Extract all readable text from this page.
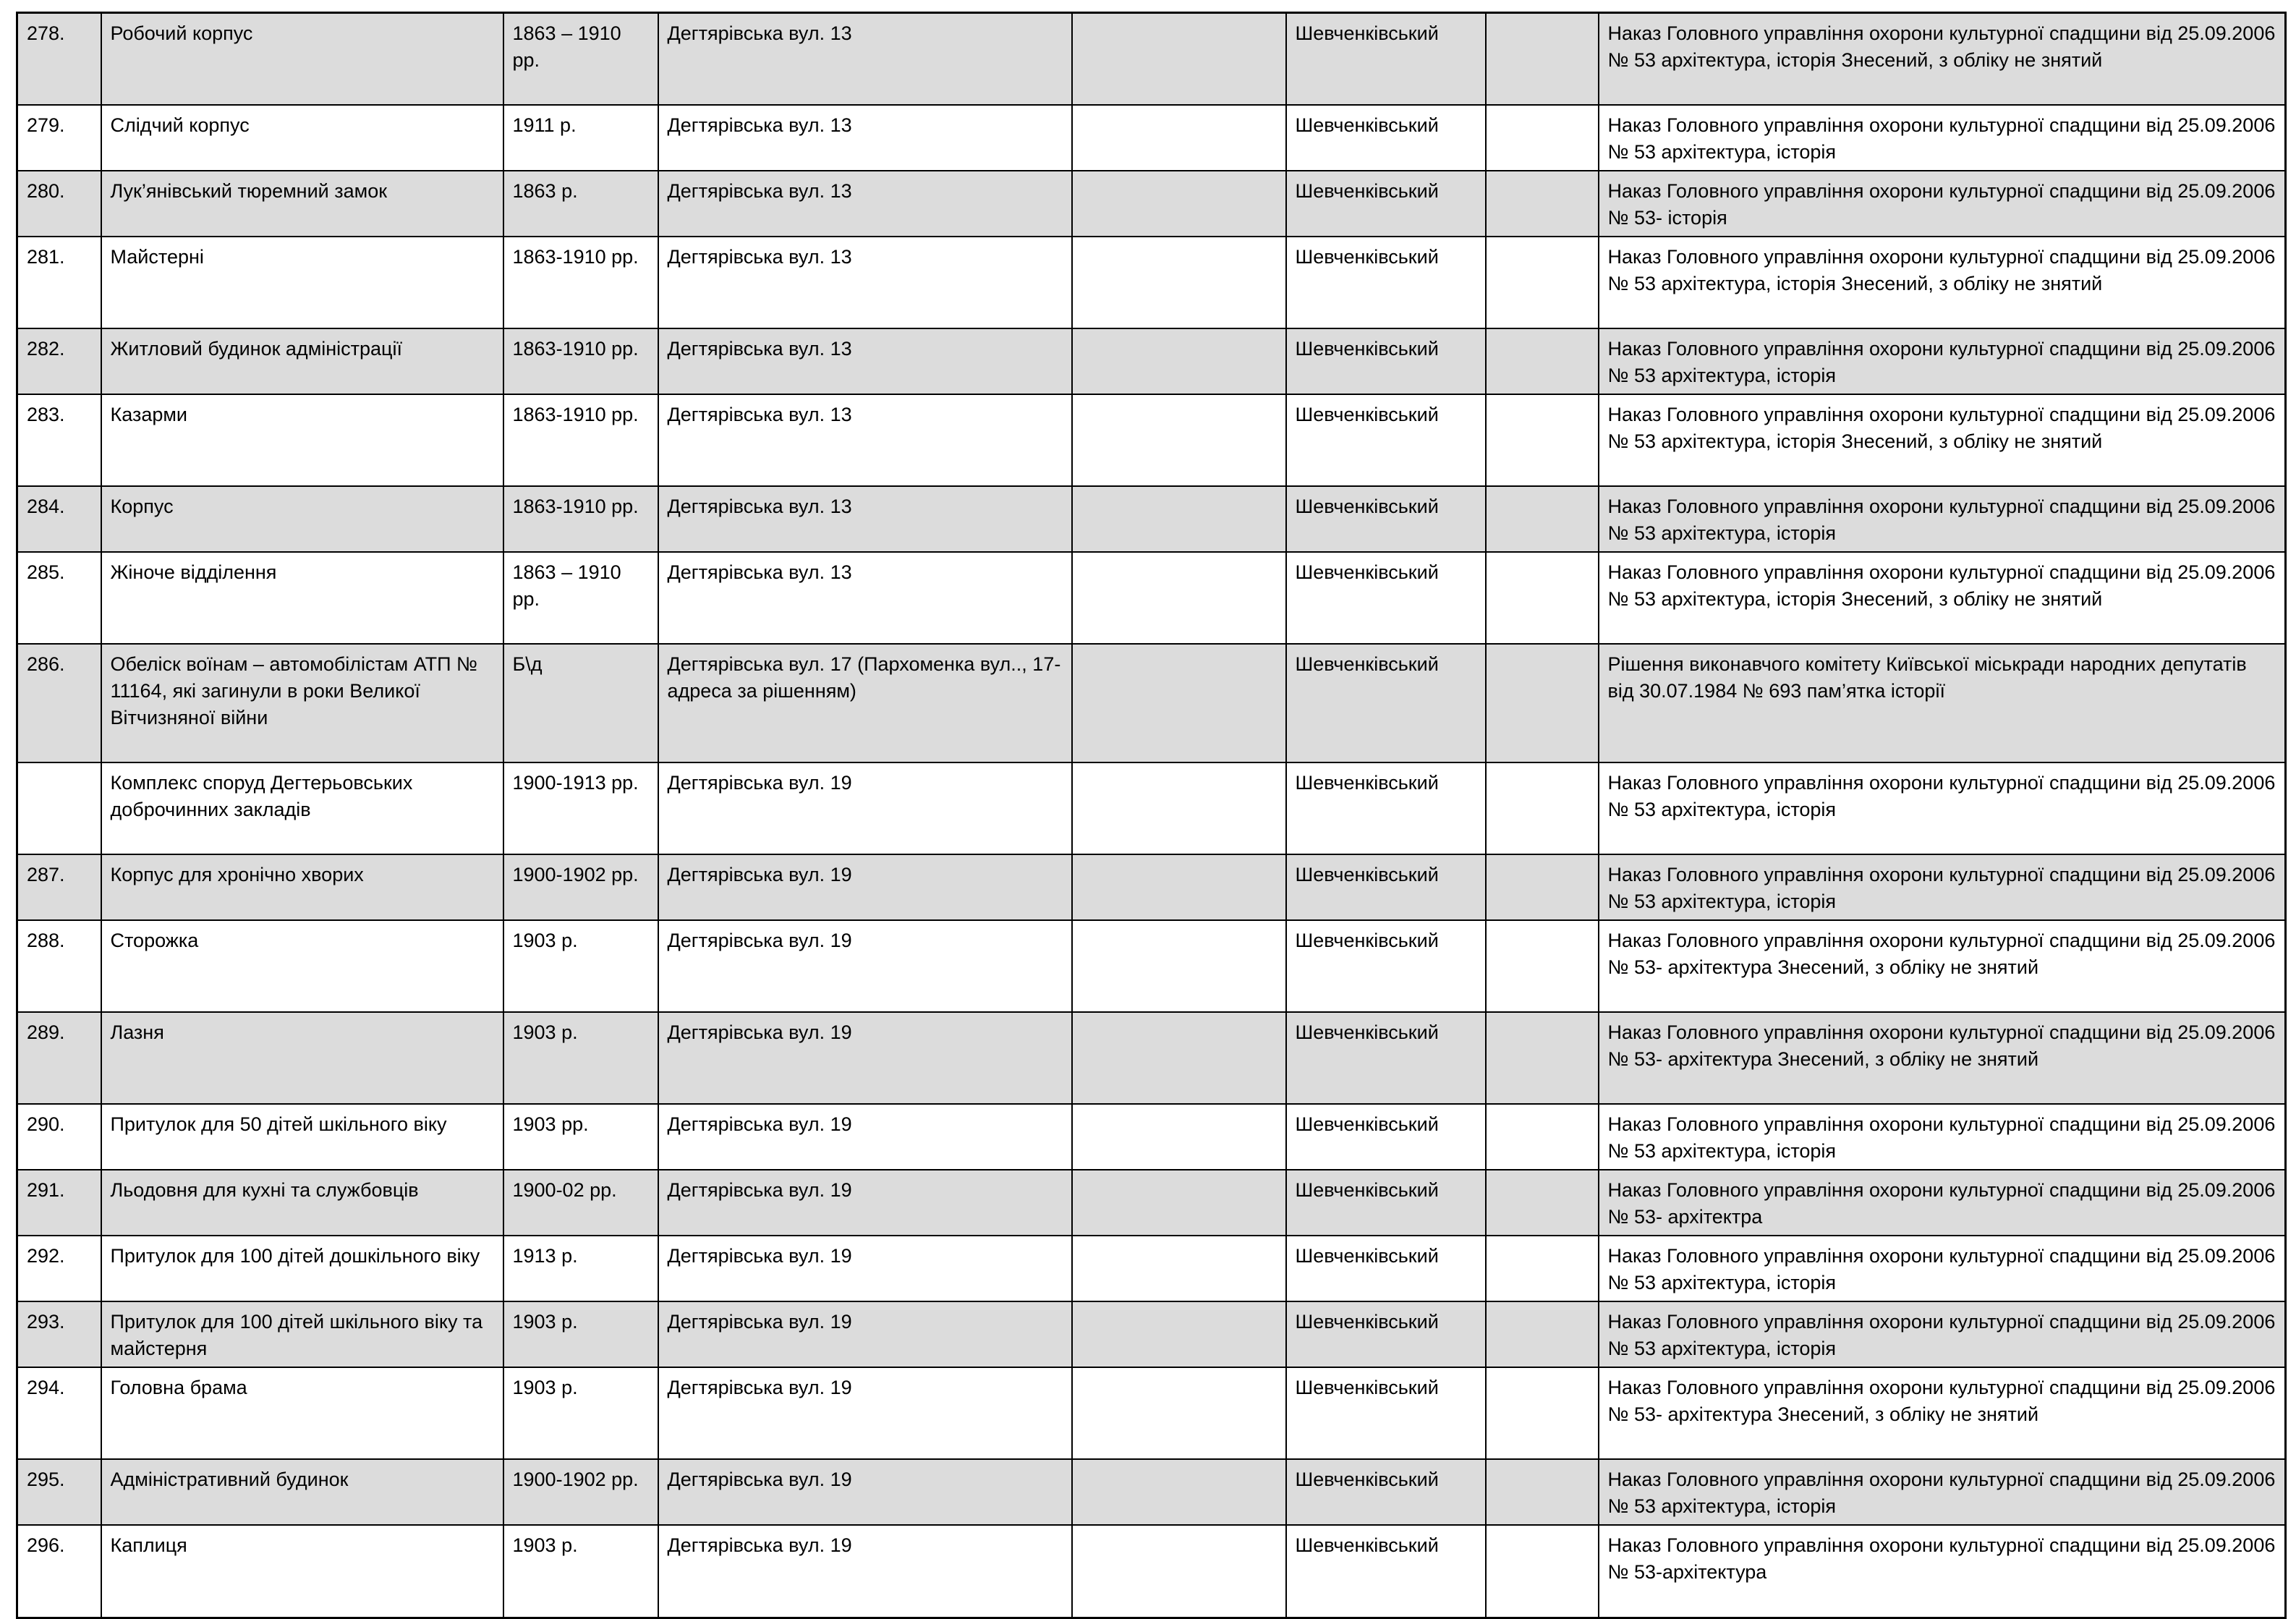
278.	Робочий корпус	1863 – 1910 рр.	Дегтярівська вул. 13		Шевченківський		Наказ Головного управління охорони культурної спадщини від 25.09.2006 № 53 архітектура, історія Знесений, з обліку не знятий
279.	Слідчий корпус	1911 р.	Дегтярівська вул. 13		Шевченківський		Наказ Головного управління охорони культурної спадщини від 25.09.2006 № 53 архітектура, історія
280.	Лук’янівський тюремний замок	1863 р.	Дегтярівська вул. 13		Шевченківський		Наказ Головного управління охорони культурної спадщини від 25.09.2006 № 53- історія
281.	Майстерні	1863-1910 рр.	Дегтярівська вул. 13		Шевченківський		Наказ Головного управління охорони культурної спадщини від 25.09.2006 № 53 архітектура, історія Знесений, з обліку не знятий
282.	Житловий будинок адміністрації	1863-1910 рр.	Дегтярівська вул. 13		Шевченківський		Наказ Головного управління охорони культурної спадщини від 25.09.2006 № 53 архітектура, історія
283.	Казарми	1863-1910 рр.	Дегтярівська вул. 13		Шевченківський		Наказ Головного управління охорони культурної спадщини від 25.09.2006 № 53 архітектура, історія Знесений, з обліку не знятий
284.	Корпус	1863-1910 рр.	Дегтярівська вул. 13		Шевченківський		Наказ Головного управління охорони культурної спадщини від 25.09.2006 № 53 архітектура, історія
285.	Жіноче відділення	1863 – 1910 рр.	Дегтярівська вул. 13		Шевченківський		Наказ Головного управління охорони культурної спадщини від 25.09.2006 № 53 архітектура, історія Знесений, з обліку не знятий
286.	Обеліск воїнам – автомобілістам АТП № 11164, які загинули в роки Великої Вітчизняної війни	Б\д	Дегтярівська вул. 17 (Пархоменка вул.., 17- адреса за рішенням)		Шевченківський		Рішення виконавчого комітету Київської міськради народних депутатів від 30.07.1984 № 693 пам’ятка історії
	Комплекс споруд Дегтерьовських доброчинних закладів	1900-1913 рр.	Дегтярівська вул. 19		Шевченківський		Наказ Головного управління охорони культурної спадщини від 25.09.2006 № 53 архітектура, історія
287.	Корпус для хронічно хворих	1900-1902 рр.	Дегтярівська вул. 19		Шевченківський		Наказ Головного управління охорони культурної спадщини від 25.09.2006 № 53 архітектура, історія
288.	Сторожка	1903 р.	Дегтярівська вул. 19		Шевченківський		Наказ Головного управління охорони культурної спадщини від 25.09.2006 № 53- архітектура Знесений, з обліку не знятий
289.	Лазня	1903 р.	Дегтярівська вул. 19		Шевченківський		Наказ Головного управління охорони культурної спадщини від 25.09.2006 № 53- архітектура Знесений, з обліку не знятий
290.	Притулок для 50 дітей шкільного віку	1903 рр.	Дегтярівська вул. 19		Шевченківський		Наказ Головного управління охорони культурної спадщини від 25.09.2006 № 53 архітектура, історія
291.	Льодовня для кухні та службовців	1900-02 рр.	Дегтярівська вул. 19		Шевченківський		Наказ Головного управління охорони культурної спадщини від 25.09.2006 № 53- архітектра
292.	Притулок для 100 дітей дошкільного віку	1913 р.	Дегтярівська вул. 19		Шевченківський		Наказ Головного управління охорони культурної спадщини від 25.09.2006 № 53 архітектура, історія
293.	Притулок для 100 дітей шкільного віку та майстерня	1903 р.	Дегтярівська вул. 19		Шевченківський		Наказ Головного управління охорони культурної спадщини від 25.09.2006 № 53 архітектура, історія
294.	Головна брама	1903 р.	Дегтярівська вул. 19		Шевченківський		Наказ Головного управління охорони культурної спадщини від 25.09.2006 № 53- архітектура Знесений, з обліку не знятий
295.	Адміністративний будинок	1900-1902 рр.	Дегтярівська вул. 19		Шевченківський		Наказ Головного управління охорони культурної спадщини від 25.09.2006 № 53 архітектура, історія
296.	Каплиця	1903 р.	Дегтярівська вул. 19		Шевченківський		Наказ Головного управління охорони культурної спадщини від 25.09.2006 № 53-архітектура
